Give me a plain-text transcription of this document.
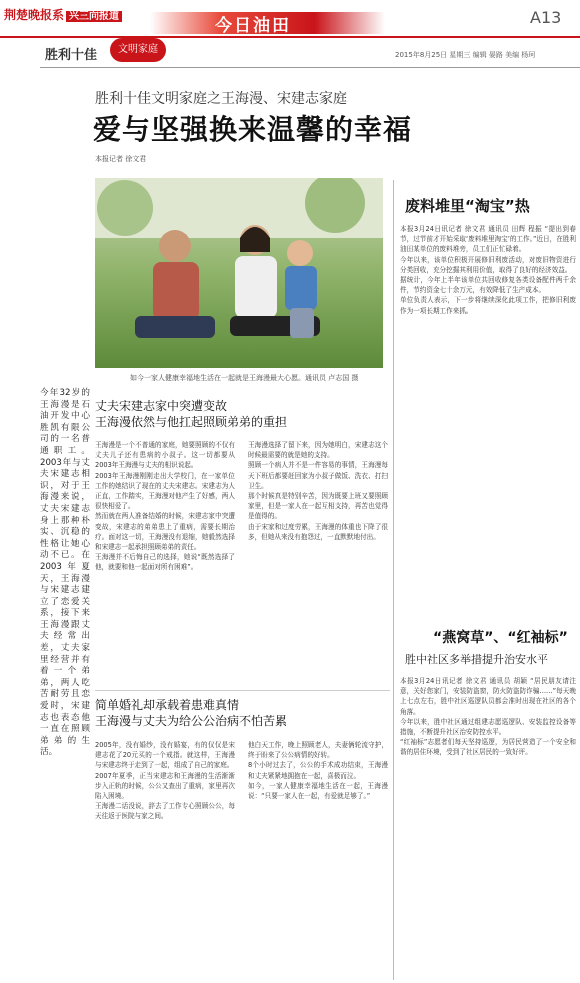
荆楚晚报系 兴三向报道	今日油田	A13
胜利十佳	文明家庭	2015年8月25日 星期三 编辑 晏路 美编 杨珂
胜利十佳文明家庭之王海漫、宋建志家庭
爱与坚强换来温馨的幸福
本报记者 徐文君
如今一家人健康幸福地生活在一起就是王海漫最大心愿。通讯员 卢志国 摄
今年32岁的王海漫是石油开发中心胜凯有限公司的一名普通职工。2003年与丈夫宋建志相识，对于王海漫来说，丈夫宋建志身上那种朴实、沉稳的性格让她心动不已。在2003年夏天，王海漫与宋建志建立了恋爱关系，接下来王海漫跟丈夫经常出差，丈夫家里经营并有着一个弟弟，两人吃苦耐劳且恋爱时，宋建志也表态他一直在照顾弟弟的生活。
丈夫宋建志家中突遭变故
王海漫依然与他扛起照顾弟弟的重担
王海漫是一个不普通的家庭，她要照顾的不仅有丈夫儿子还有患病的小叔子。这一切都要从2003年王海漫与丈夫的相识说起。
2003年王海漫刚刚走出大学校门，在一家单位工作的她结识了现在的丈夫宋建志。宋建志为人正直，工作踏实，王海漫对他产生了好感，两人很快相爱了。
然而就在两人准备结婚的时候，宋建志家中突遭变故，宋建志的弟弟患上了重病，需要长期治疗。面对这一切，王海漫没有退缩，她毅然选择和宋建志一起承担照顾弟弟的责任。
王海漫并不后悔自己的选择，她说“既然选择了他，就要和他一起面对所有困难”。
王海漫选择了留下来，因为她明白，宋建志这个时候最需要的就是她的支持。
照顾一个病人并不是一件容易的事情，王海漫每天下班后都要赶回家为小叔子做饭、洗衣、打扫卫生。
那个时候真是特别辛苦，因为既要上班又要照顾家里，但是一家人在一起互相支持，再苦也觉得是值得的。
由于宋家和过度劳累，王海漫的体重也下降了很多，但她从来没有抱怨过，一直默默地付出。
简单婚礼却承载着患难真情
王海漫与丈夫为给公公治病不怕苦累
2005年，没有婚纱，没有婚宴，有的仅仅是宋建志花了20元买的一个戒指。就这样，王海漫与宋建志终于走到了一起，组成了自己的家庭。
2007年夏季，正当宋建志和王海漫的生活渐渐步入正轨的时候，公公又查出了重病，家里再次陷入困境。
王海漫二话没说，辞去了工作专心照顾公公，每天往返于医院与家之间。
他白天工作，晚上照顾老人，夫妻俩轮流守护，终于盼来了公公病情的好转。
8个小时过去了，公公的手术成功结束，王海漫和丈夫紧紧地拥抱在一起，喜极而泣。
如今，一家人健康幸福地生活在一起，王海漫说：“只要一家人在一起，有爱就足够了。”
废料堆里“淘宝”热
本报3月24日讯记者 徐文君 通讯员 田辉 程振 “提出到春节，过节前才开始采取‘废料堆里淘宝’的工作。”近日，在胜利油田某单位的废料堆旁，员工们正忙碌着。
今年以来，该单位积极开展修旧利废活动，对废旧物资进行分类回收，充分挖掘其利用价值，取得了良好的经济效益。
据统计，今年上半年该单位共回收修复各类设备配件两千余件，节约资金七十余万元，有效降低了生产成本。
单位负责人表示，下一步将继续深化此项工作，把修旧利废作为一项长期工作来抓。
“燕窝草”、“红袖标”
胜中社区多举措提升治安水平
本报3月24日讯记者 徐文君 通讯员 胡颖 “居民朋友请注意，关好您家门，安装防盗窗，防火防盗防诈骗……”每天晚上七点左右，胜中社区巡逻队员都会准时出现在社区的各个角落。
今年以来，胜中社区通过组建志愿巡逻队、安装监控设备等措施，不断提升社区治安防控水平。
“红袖标”志愿者们每天坚持巡逻，为居民营造了一个安全和谐的居住环境，受到了社区居民的一致好评。
